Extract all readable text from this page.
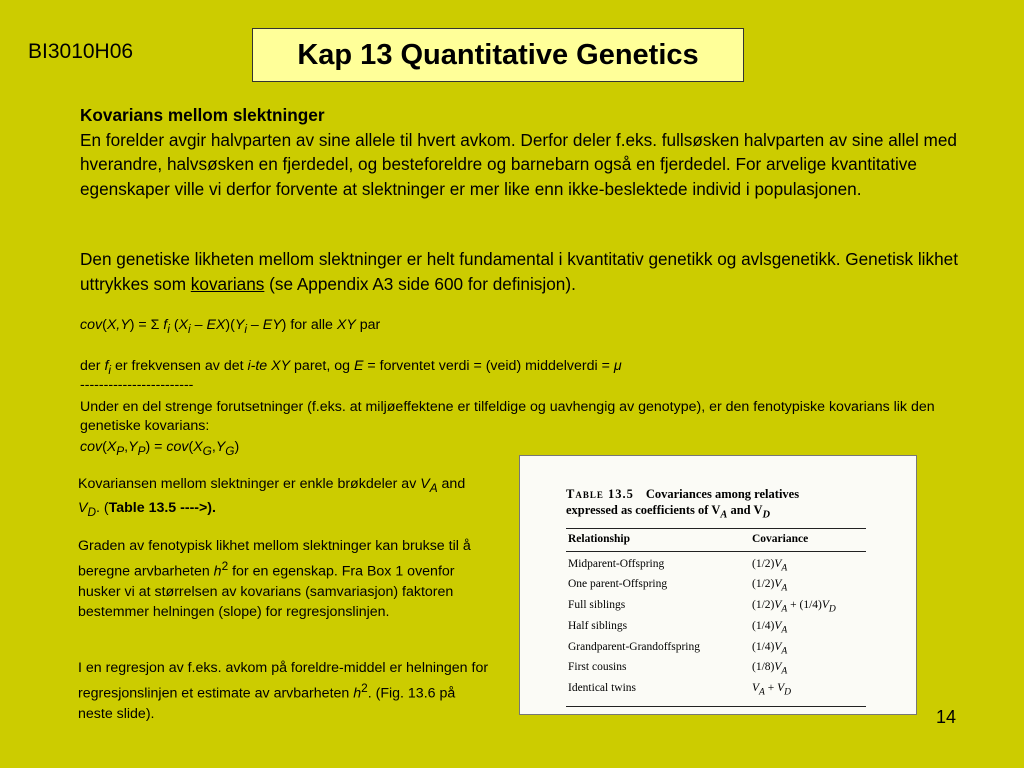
BI3010H06	Kap 13 Quantitative Genetics
Kovarians mellom slektninger
En forelder avgir halvparten av sine allele til hvert avkom. Derfor deler f.eks. fullsøsken halvparten av sine allel med hverandre, halvsøsken en fjerdedel, og besteforeldre og barnebarn også en fjerdedel. For arvelige kvantitative egenskaper ville vi derfor forvente at slektninger er mer like enn ikke-beslektede individ i populasjonen.
Den genetiske likheten mellom slektninger er helt fundamental i kvantitativ genetikk og avlsgenetikk. Genetisk likhet uttrykkes som kovarians (se Appendix A3 side 600 for definisjon).
cov(X,Y) = Σ $f_i$ $(X_i - EX)(Y_i - EY)$ for alle XY par
der $f_i$ er frekvensen av det i-te XY paret, og E = forventet verdi = (veid) middelverdi = μ
------------------------
Under en del strenge forutsetninger (f.eks. at miljøeffektene er tilfeldige og uavhengig av genotype), er den fenotypiske kovarians lik den genetiske kovarians:
$cov(X_P,Y_P) = cov(X_G,Y_G)$
Kovariansen mellom slektninger er enkle brøkdeler av $V_A$ and $V_D$. (Table 13.5 ---->).
Graden av fenotypisk likhet mellom slektninger kan brukse til å beregne arvbarheten $h^2$ for en egenskap. Fra Box 1 ovenfor husker vi at størrelsen av kovarians (samvariasjon) faktoren bestemmer helningen (slope) for regresjonslinjen.
I en regresjon av f.eks. avkom på foreldre-middel er helningen for regresjonslinjen et estimate av arvbarheten $h^2$. (Fig. 13.6 på neste slide).

Table 13.5 Covariances among relatives
expressed as coefficients of $V_A$ and $V_D$
Relationship	Covariance
Midparent-Offspring	$(1/2)V_A$
One parent-Offspring	$(1/2)V_A$
Full siblings	$(1/2)V_A + (1/4)V_D$
Half siblings	$(1/4)V_A$
Grandparent-Grandoffspring	$(1/4)V_A$
First cousins	$(1/8)V_A$
Identical twins	$V_A + V_D$
14
